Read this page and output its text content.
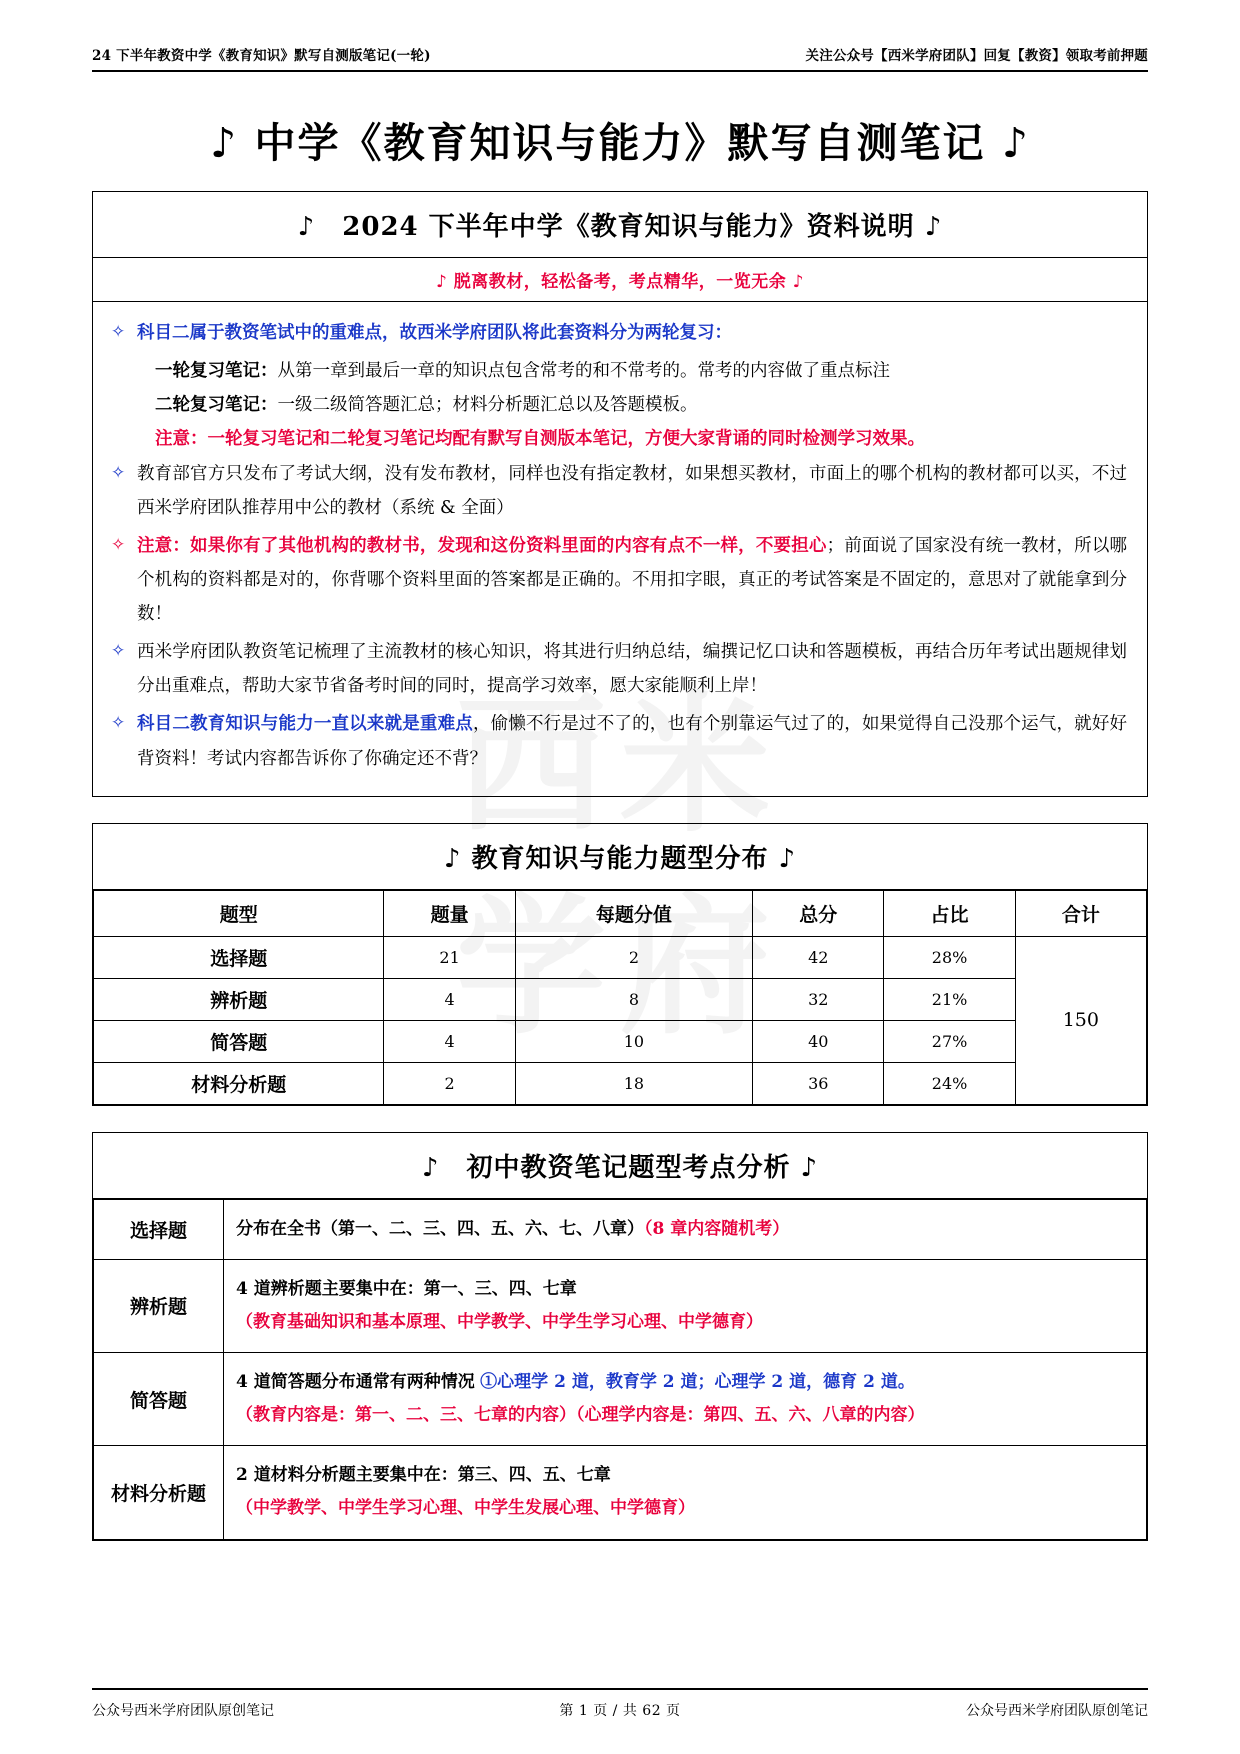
24 下半年教资中学《教育知识》默写自测版笔记(一轮)	关注公众号【西米学府团队】回复【教资】领取考前押题
♪ 中学《教育知识与能力》默写自测笔记 ♪
♪　2024 下半年中学《教育知识与能力》资料说明 ♪
♪ 脱离教材，轻松备考，考点精华，一览无余 ♪
✧ 科目二属于教资笔试中的重难点，故西米学府团队将此套资料分为两轮复习：
一轮复习笔记：从第一章到最后一章的知识点包含常考的和不常考的。常考的内容做了重点标注
二轮复习笔记：一级二级简答题汇总；材料分析题汇总以及答题模板。
注意：一轮复习笔记和二轮复习笔记均配有默写自测版本笔记，方便大家背诵的同时检测学习效果。
✧ 教育部官方只发布了考试大纲，没有发布教材，同样也没有指定教材，如果想买教材，市面上的哪个机构的教材都可以买，不过西米学府团队推荐用中公的教材（系统 & 全面）
✧ 注意：如果你有了其他机构的教材书，发现和这份资料里面的内容有点不一样，不要担心；前面说了国家没有统一教材，所以哪个机构的资料都是对的，你背哪个资料里面的答案都是正确的。不用扣字眼，真正的考试答案是不固定的，意思对了就能拿到分数！
✧ 西米学府团队教资笔记梳理了主流教材的核心知识，将其进行归纳总结，编撰记忆口诀和答题模板，再结合历年考试出题规律划分出重难点，帮助大家节省备考时间的同时，提高学习效率，愿大家能顺利上岸！
✧ 科目二教育知识与能力一直以来就是重难点，偷懒不行是过不了的，也有个别靠运气过了的，如果觉得自己没那个运气，就好好背资料！考试内容都告诉你了你确定还不背？
♪ 教育知识与能力题型分布 ♪
题型	题量	每题分值	总分	占比	合计
选择题	21	2	42	28%	150
辨析题	4	8	32	21%	
简答题	4	10	40	27%	
材料分析题	2	18	36	24%	
♪　初中教资笔记题型考点分析 ♪
选择题	分布在全书（第一、二、三、四、五、六、七、八章）（8 章内容随机考）

辨析题	4 道辨析题主要集中在：第一、三、四、七章
（教育基础知识和基本原理、中学教学、中学生学习心理、中学德育）

简答题	4 道简答题分布通常有两种情况 ①心理学 2 道，教育学 2 道；心理学 2 道，德育 2 道。
（教育内容是：第一、二、三、七章的内容）（心理学内容是：第四、五、六、八章的内容）

材料分析题	2 道材料分析题主要集中在：第三、四、五、七章
（中学教学、中学生学习心理、中学生发展心理、中学德育）
公众号西米学府团队原创笔记	第 1 页 / 共 62 页	公众号西米学府团队原创笔记
